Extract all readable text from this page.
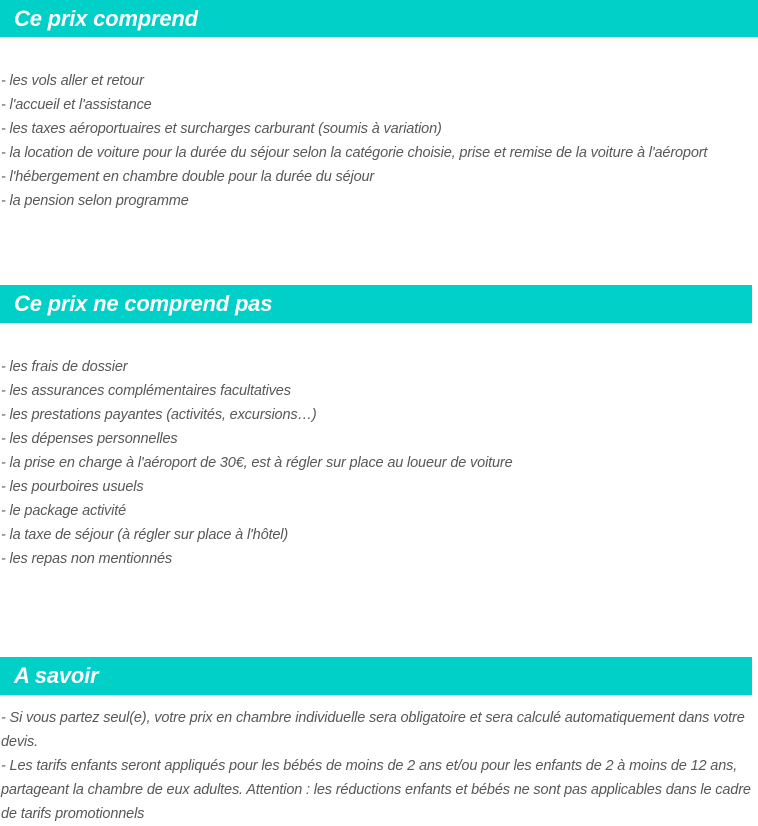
Ce prix comprend
- les vols aller et retour
- l'accueil et l'assistance
- les taxes aéroportuaires et surcharges carburant (soumis à variation)
- la location de voiture pour la durée du séjour selon la catégorie choisie, prise et remise de la voiture à l'aéroport
- l'hébergement en chambre double pour la durée du séjour
- la pension selon programme
Ce prix ne comprend pas
- les frais de dossier
- les assurances complémentaires facultatives
- les prestations payantes (activités, excursions…)
- les dépenses personnelles
- la prise en charge à l'aéroport de 30€, est à régler sur place au loueur de voiture
- les pourboires usuels
- le package activité
- la taxe de séjour (à régler sur place à l'hôtel)
- les repas non mentionnés
A savoir

- Si vous partez seul(e), votre prix en chambre individuelle sera obligatoire et sera calculé automatiquement dans votre devis.

- Les tarifs enfants seront appliqués pour les bébés de moins de 2 ans et/ou pour les enfants de 2 à moins de 12 ans, partageant la chambre de eux adultes. Attention : les réductions enfants et bébés ne sont pas applicables dans le cadre de tarifs promotionnels
